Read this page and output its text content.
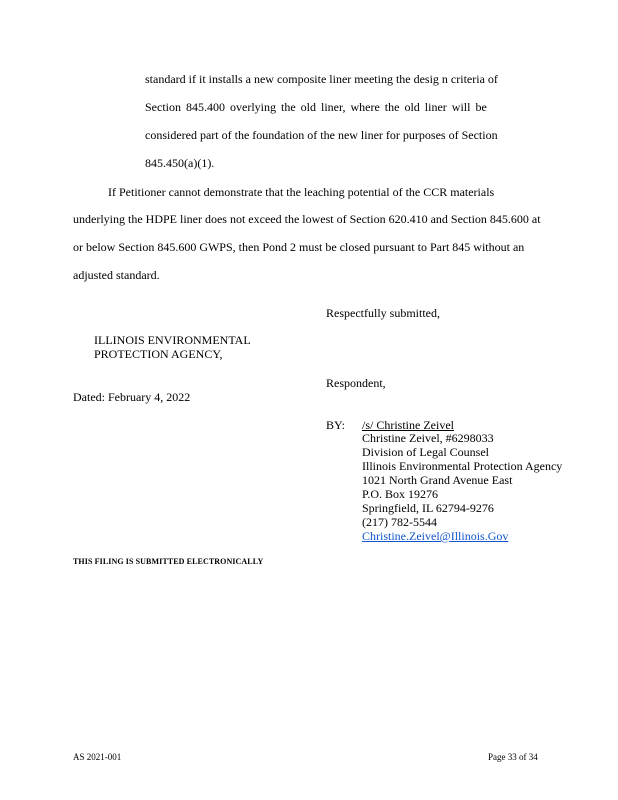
standard if it installs a new composite liner meeting the desig n criteria of
Section 845.400 overlying the old liner, where the old liner will be
considered part of the foundation of the new liner for purposes of Section
845.450(a)(1).
If Petitioner cannot demonstrate that the leaching potential of the CCR materials
underlying the HDPE liner does not exceed the lowest of Section 620.410 and Section 845.600 at
or below Section 845.600 GWPS, then Pond 2 must be closed pursuant to Part 845 without an
adjusted standard.
Respectfully submitted,
ILLINOIS ENVIRONMENTAL
PROTECTION AGENCY,
Respondent,
Dated: February 4, 2022
BY: /s/ Christine Zeivel
Christine Zeivel, #6298033
Division of Legal Counsel
Illinois Environmental Protection Agency
1021 North Grand Avenue East
P.O. Box 19276
Springfield, IL 62794-9276
(217) 782-5544
Christine.Zeivel@Illinois.Gov
THIS FILING IS SUBMITTED ELECTRONICALLY
AS 2021-001	Page 33 of 34
